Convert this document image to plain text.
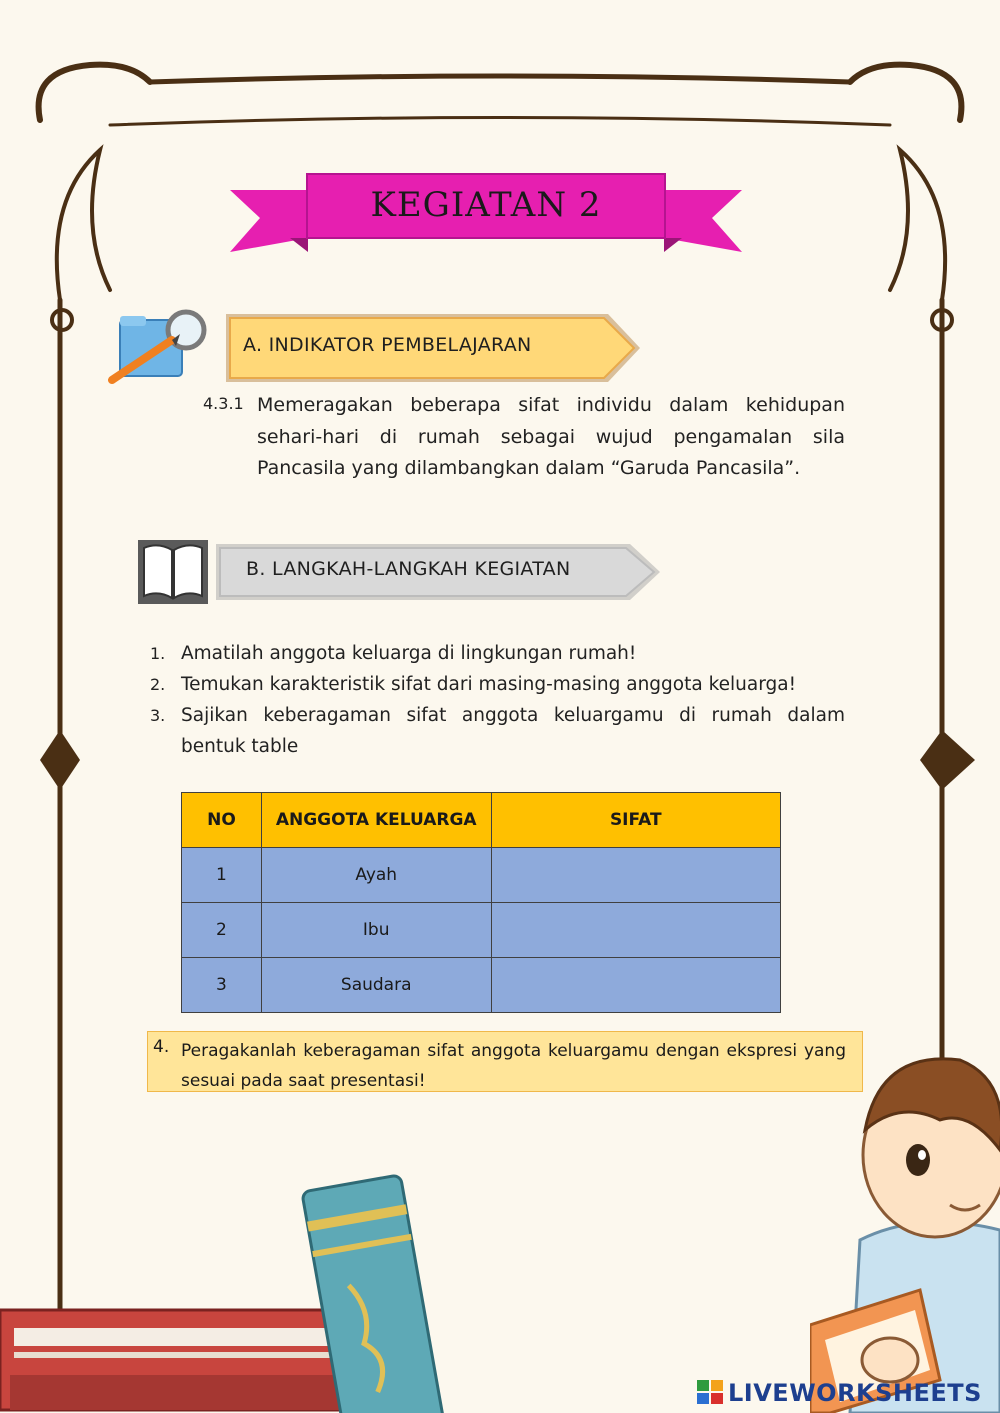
KEGIATAN 2
A. INDIKATOR PEMBELAJARAN
4.3.1 Memeragakan beberapa sifat individu dalam kehidupan sehari-hari di rumah sebagai wujud pengamalan sila Pancasila yang dilambangkan dalam “Garuda Pancasila”.
B. LANGKAH-LANGKAH KEGIATAN
1. Amatilah anggota keluarga di lingkungan rumah!
2. Temukan karakteristik sifat dari masing-masing anggota keluarga!
3. Sajikan keberagaman sifat anggota keluargamu di rumah dalam bentuk table
NO	ANGGOTA KELUARGA	SIFAT
1	Ayah	
2	Ibu	
3	Saudara	
4. Peragakanlah keberagaman sifat anggota keluargamu dengan ekspresi yang sesuai pada saat presentasi!
LIVEWORKSHEETS
